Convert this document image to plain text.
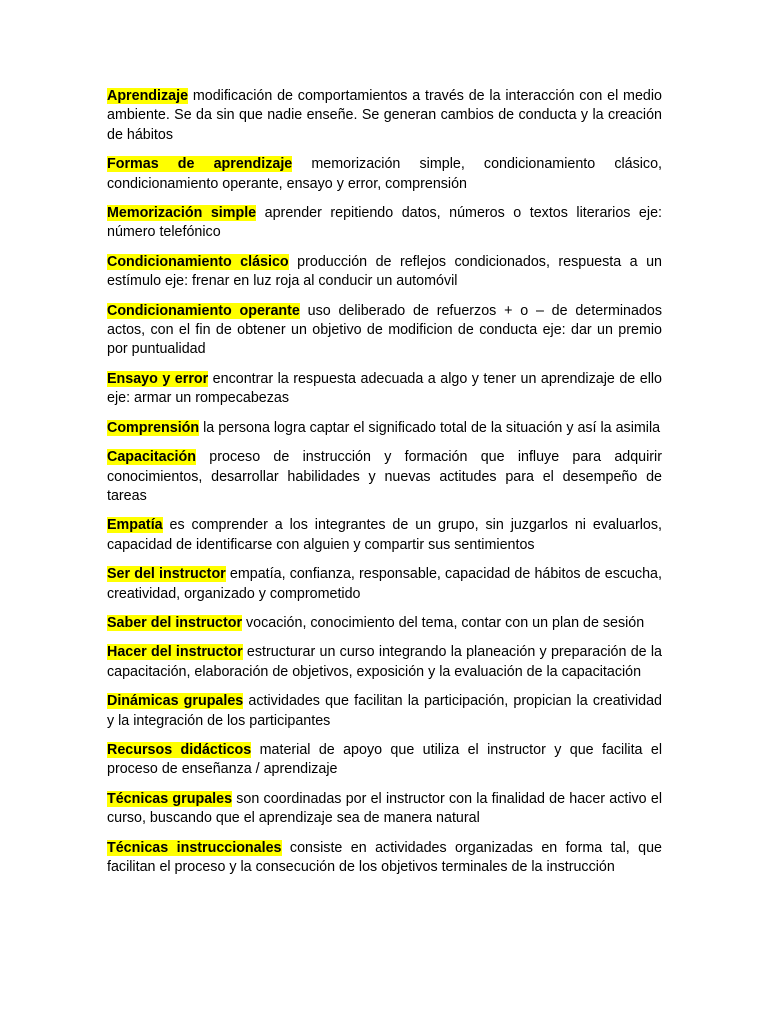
Aprendizaje modificación de comportamientos a través de la interacción con el medio ambiente. Se da sin que nadie enseñe. Se generan cambios de conducta y la creación de hábitos

Formas de aprendizaje memorización simple, condicionamiento clásico, condicionamiento operante, ensayo y error, comprensión

Memorización simple aprender repitiendo datos, números o textos literarios eje: número telefónico

Condicionamiento clásico producción de reflejos condicionados, respuesta a un estímulo eje: frenar en luz roja al conducir un automóvil

Condicionamiento operante uso deliberado de refuerzos + o – de determinados actos, con el fin de obtener un objetivo de modificion de conducta eje: dar un premio por puntualidad

Ensayo y error encontrar la respuesta adecuada a algo y tener un aprendizaje de ello eje: armar un rompecabezas

Comprensión la persona logra captar el significado total de la situación y así la asimila

Capacitación proceso de instrucción y formación que influye para adquirir conocimientos, desarrollar habilidades y nuevas actitudes para el desempeño de tareas

Empatía es comprender a los integrantes de un grupo, sin juzgarlos ni evaluarlos, capacidad de identificarse con alguien y compartir sus sentimientos

Ser del instructor empatía, confianza, responsable, capacidad de hábitos de escucha, creatividad, organizado y comprometido

Saber del instructor vocación, conocimiento del tema, contar con un plan de sesión

Hacer del instructor estructurar un curso integrando la planeación y preparación de la capacitación, elaboración de objetivos, exposición y la evaluación de la capacitación

Dinámicas grupales actividades que facilitan la participación, propician la creatividad y la integración de los participantes

Recursos didácticos material de apoyo que utiliza el instructor y que facilita el proceso de enseñanza / aprendizaje

Técnicas grupales son coordinadas por el instructor con la finalidad de hacer activo el curso, buscando que el aprendizaje sea de manera natural

Técnicas instruccionales consiste en actividades organizadas en forma tal, que facilitan el proceso y la consecución de los objetivos terminales de la instrucción
